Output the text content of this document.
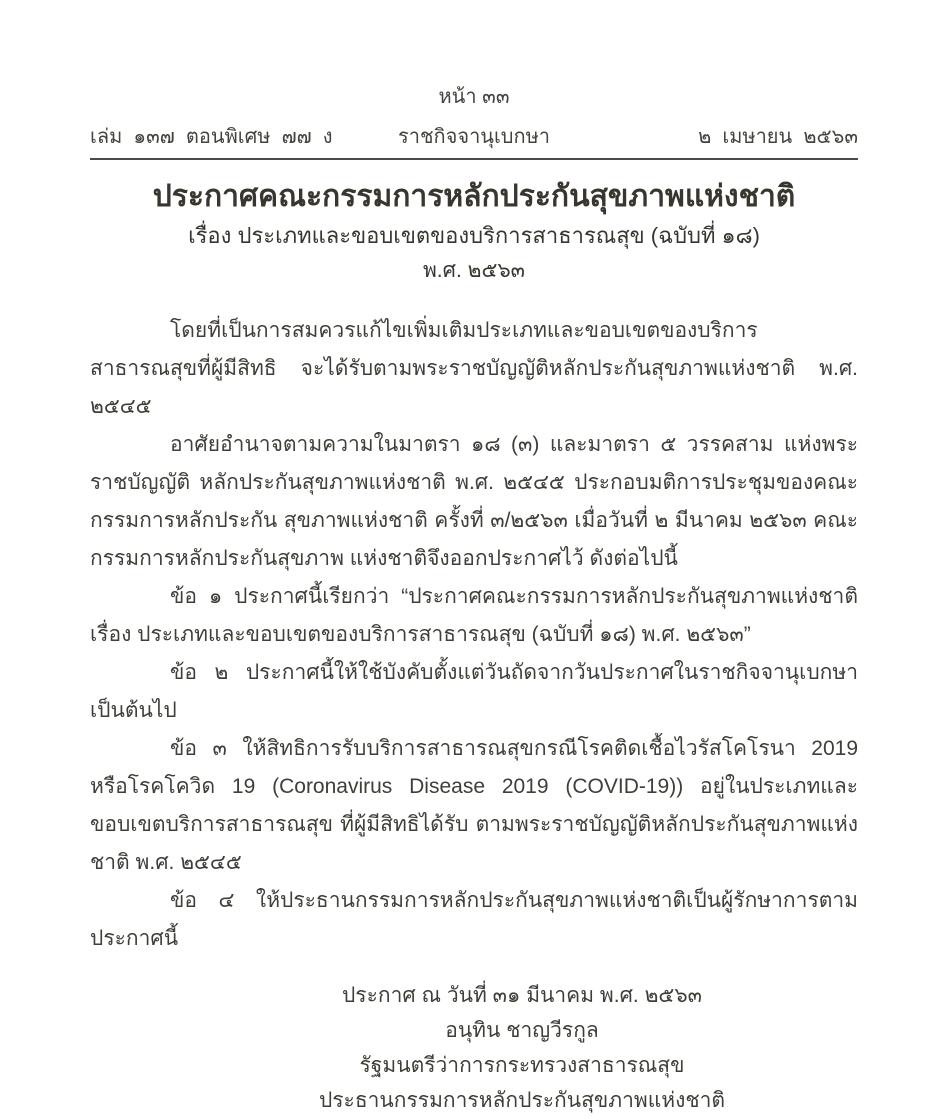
หน้า ๓๓
เล่ม  ๑๓๗  ตอนพิเศษ  ๗๗  ง	ราชกิจจานุเบกษา	๒  เมษายน  ๒๕๖๓

ประกาศคณะกรรมการหลักประกันสุขภาพแห่งชาติ

เรื่อง ประเภทและขอบเขตของบริการสาธารณสุข (ฉบับที่ ๑๘)

พ.ศ. ๒๕๖๓

โดยที่เป็นการสมควรแก้ไขเพิ่มเติมประเภทและขอบเขตของบริการสาธารณสุขที่ผู้มีสิทธิ จะได้รับตามพระราชบัญญัติหลักประกันสุขภาพแห่งชาติ พ.ศ. ๒๕๔๕

อาศัยอำนาจตามความในมาตรา ๑๘ (๓) และมาตรา ๕ วรรคสาม แห่งพระราชบัญญัติ หลักประกันสุขภาพแห่งชาติ พ.ศ. ๒๕๔๕ ประกอบมติการประชุมของคณะกรรมการหลักประกัน สุขภาพแห่งชาติ ครั้งที่ ๓/๒๕๖๓ เมื่อวันที่ ๒ มีนาคม ๒๕๖๓ คณะกรรมการหลักประกันสุขภาพ แห่งชาติจึงออกประกาศไว้ ดังต่อไปนี้

ข้อ ๑ ประกาศนี้เรียกว่า “ประกาศคณะกรรมการหลักประกันสุขภาพแห่งชาติ เรื่อง ประเภทและขอบเขตของบริการสาธารณสุข (ฉบับที่ ๑๘) พ.ศ. ๒๕๖๓”

ข้อ ๒ ประกาศนี้ให้ใช้บังคับตั้งแต่วันถัดจากวันประกาศในราชกิจจานุเบกษาเป็นต้นไป

ข้อ ๓ ให้สิทธิการรับบริการสาธารณสุขกรณีโรคติดเชื้อไวรัสโคโรนา 2019 หรือโรคโควิด 19 (Coronavirus Disease 2019 (COVID-19)) อยู่ในประเภทและขอบเขตบริการสาธารณสุข ที่ผู้มีสิทธิได้รับ ตามพระราชบัญญัติหลักประกันสุขภาพแห่งชาติ พ.ศ. ๒๕๔๕

ข้อ ๔ ให้ประธานกรรมการหลักประกันสุขภาพแห่งชาติเป็นผู้รักษาการตามประกาศนี้

ประกาศ ณ วันที่ ๓๑ มีนาคม พ.ศ. ๒๕๖๓
อนุทิน ชาญวีรกูล
รัฐมนตรีว่าการกระทรวงสาธารณสุข
ประธานกรรมการหลักประกันสุขภาพแห่งชาติ
